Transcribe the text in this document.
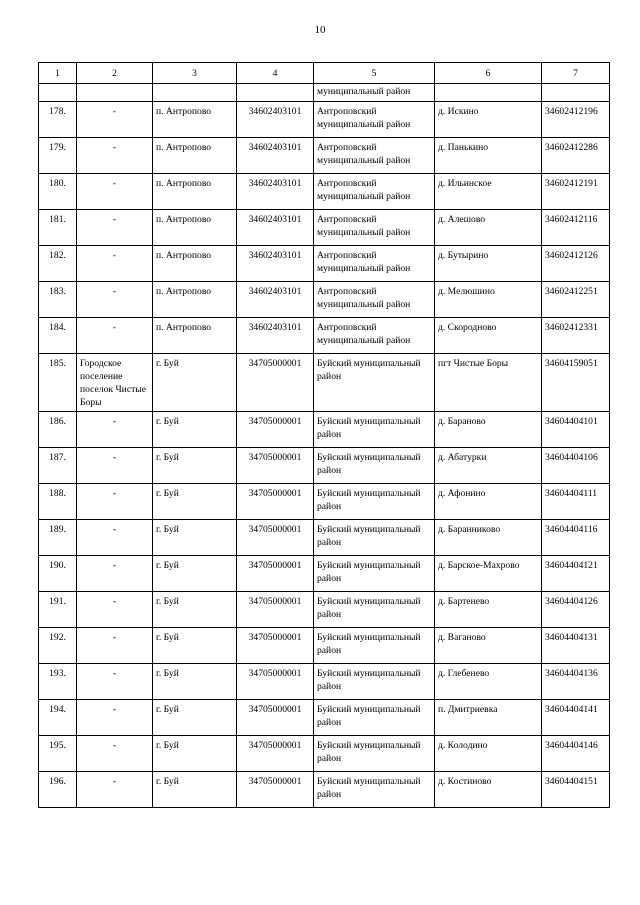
10
1	2	3	4	5	6	7
				муниципальный район		
178.	-	п. Антропово	34602403101	Антроповский муниципальный район	д. Искино	34602412196
179.	-	п. Антропово	34602403101	Антроповский муниципальный район	д. Панькино	34602412286
180.	-	п. Антропово	34602403101	Антроповский муниципальный район	д. Ильинское	34602412191
181.	-	п. Антропово	34602403101	Антроповский муниципальный район	д. Алешово	34602412116
182.	-	п. Антропово	34602403101	Антроповский муниципальный район	д. Бутырино	34602412126
183.	-	п. Антропово	34602403101	Антроповский муниципальный район	д. Мелюшино	34602412251
184.	-	п. Антропово	34602403101	Антроповский муниципальный район	д. Скородново	34602412331
185.	Городское поселение поселок Чистые Боры	г. Буй	34705000001	Буйский муниципальный район	пгт Чистые Боры	34604159051
186.	-	г. Буй	34705000001	Буйский муниципальный район	д. Бараново	34604404101
187.	-	г. Буй	34705000001	Буйский муниципальный район	д. Абатурки	34604404106
188.	-	г. Буй	34705000001	Буйский муниципальный район	д. Афонино	34604404111
189.	-	г. Буй	34705000001	Буйский муниципальный район	д. Баранниково	34604404116
190.	-	г. Буй	34705000001	Буйский муниципальный район	д. Барское-Махрово	34604404121
191.	-	г. Буй	34705000001	Буйский муниципальный район	д. Бартенево	34604404126
192.	-	г. Буй	34705000001	Буйский муниципальный район	д. Ваганово	34604404131
193.	-	г. Буй	34705000001	Буйский муниципальный район	д. Глебенево	34604404136
194.	-	г. Буй	34705000001	Буйский муниципальный район	п. Дмитриевка	34604404141
195.	-	г. Буй	34705000001	Буйский муниципальный район	д. Колодино	34604404146
196.	-	г. Буй	34705000001	Буйский муниципальный район	д. Костиново	34604404151
